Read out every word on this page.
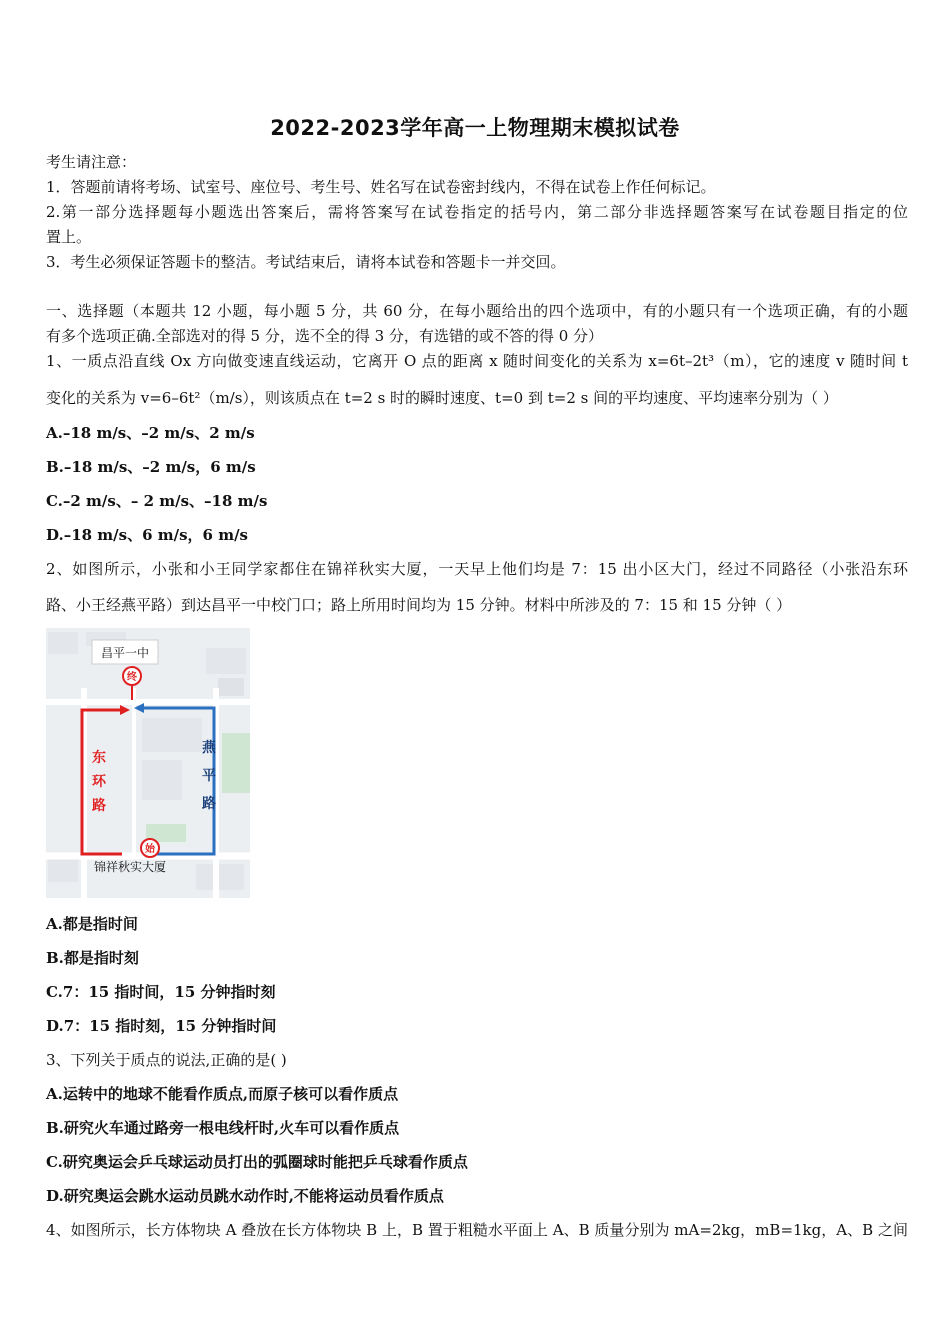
2022-2023学年高一上物理期末模拟试卷
考生请注意：
1．答题前请将考场、试室号、座位号、考生号、姓名写在试卷密封线内，不得在试卷上作任何标记。
2.第一部分选择题每小题选出答案后，需将答案写在试卷指定的括号内，第二部分非选择题答案写在试卷题目指定的位
置上。
3．考生必须保证答题卡的整洁。考试结束后，请将本试卷和答题卡一并交回。
一、选择题（本题共 12 小题，每小题 5 分，共 60 分，在每小题给出的四个选项中，有的小题只有一个选项正确，有的小题
有多个选项正确.全部选对的得 5 分，选不全的得 3 分，有选错的或不答的得 0 分）
1、一质点沿直线 Ox 方向做变速直线运动，它离开 O 点的距离 x 随时间变化的关系为 x=6t–2t³（m），它的速度 v 随时间 t
变化的关系为 v=6–6t²（m/s），则该质点在 t=2 s 时的瞬时速度、t=0 到 t=2 s 间的平均速度、平均速率分别为（ ）
A.–18 m/s、–2 m/s、2 m/s
B.–18 m/s、–2 m/s，6 m/s
C.–2 m/s、– 2 m/s、–18 m/s
D.–18 m/s、6 m/s，6 m/s
2、如图所示，小张和小王同学家都住在锦祥秋实大厦，一天早上他们均是 7：15 出小区大门，经过不同路径（小张沿东环
路、小王经燕平路）到达昌平一中校门口；路上所用时间均为 15 分钟。材料中所涉及的 7：15 和 15 分钟（ ）
昌平一中
东
环
路
燕
平
路
终
始
锦祥秋实大厦
A.都是指时间
B.都是指时刻
C.7：15 指时间，15 分钟指时刻
D.7：15 指时刻，15 分钟指时间
3、下列关于质点的说法,正确的是( )
A.运转中的地球不能看作质点,而原子核可以看作质点
B.研究火车通过路旁一根电线杆时,火车可以看作质点
C.研究奥运会乒乓球运动员打出的弧圈球时能把乒乓球看作质点
D.研究奥运会跳水运动员跳水动作时,不能将运动员看作质点
4、如图所示，长方体物块 A 叠放在长方体物块 B 上，B 置于粗糙水平面上 A、B 质量分别为 mA=2kg，mB=1kg，A、B 之间
